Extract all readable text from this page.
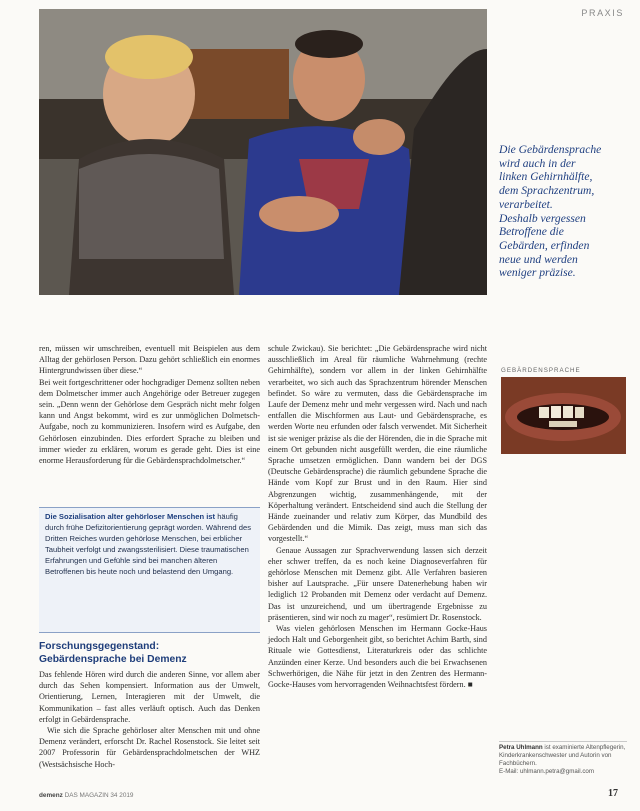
PRAXIS
Die Gebärdensprache
wird auch in der
linken Gehirnhälfte,
dem Sprachzentrum,
verarbeitet.
Deshalb vergessen
Betroffene die
Gebärden, erfinden
neue und werden
weniger präzise.

ren, müssen wir umschreiben, eventuell mit Beispielen aus dem Alltag der gehörlosen Person. Dazu gehört schließlich ein enormes Hintergrundwissen über diese.“

Bei weit fortgeschrittener oder hochgradiger Demenz sollten neben dem Dolmetscher immer auch Angehörige oder Betreuer zugegen sein. „Denn wenn der Gehörlose dem Gespräch nicht mehr folgen kann und Angst bekommt, wird es zur unmöglichen Dolmetsch-Aufgabe, noch zu kommunizieren. Insofern wird es Aufgabe, den Gehörlosen einzubinden. Dies erfordert Sprache zu bleiben und immer wieder zu erklären, worum es gerade geht. Dies ist eine enorme Herausforderung für die Gebärdensprachdolmetscher.“

Die Sozialisation alter gehörloser Menschen ist häufig durch frühe Defizitorientierung geprägt worden. Während des Dritten Reiches wurden gehörlose Menschen, bei erblicher Taubheit verfolgt und zwangssterilisiert. Diese traumatischen Erfahrungen und Gefühle sind bei manchen älteren Betroffenen bis heute noch und belastend den Umgang.
Forschungsgegenstand:
Gebärdensprache bei Demenz

Das fehlende Hören wird durch die anderen Sinne, vor allem aber durch das Sehen kompensiert. Information aus der Umwelt, Orientierung, Lernen, Interagieren mit der Umwelt, die Kommunikation – fast alles verläuft optisch. Auch das Denken erfolgt in Gebärdensprache.

Wie sich die Sprache gehörloser alter Menschen mit und ohne Demenz verändert, erforscht Dr. Rachel Rosenstock. Sie leitet seit 2007 Professorin für Gebärdensprachdolmetschen der WHZ (Westsächsische Hoch-

schule Zwickau). Sie berichtet: „Die Gebärdensprache wird nicht ausschließlich im Areal für räumliche Wahrnehmung (rechte Gehirnhälfte), sondern vor allem in der linken Gehirnhälfte verarbeitet, wo sich auch das Sprachzentrum hörender Menschen befindet. So wäre zu vermuten, dass die Gebärdensprache im Laufe der Demenz mehr und mehr vergessen wird. Nach und nach entfallen die Mischformen aus Laut- und Gebärdensprache, es werden Worte neu erfunden oder falsch verwendet. Mit Sicherheit ist sie weniger präzise als die der Hörenden, die in die Sprache mit einem Ort gebunden nicht ausgefüllt werden, die eine räumliche Sprache umsetzen ermöglichen. Dann wandern bei der DGS (Deutsche Gebärdensprache) die räumlich gebundene Sprache die Hände vom Kopf zur Brust und in den Raum. Hier sind Abgrenzungen wichtig, zusammenhängende, mit der Köperhaltung verändert. Entscheidend sind auch die Stellung der Hände zueinander und relativ zum Körper, das Mundbild des Gebärdenden und die Mimik. Das zeigt, muss man sich das vorgestellt.“

Genaue Aussagen zur Sprachverwendung lassen sich derzeit eher schwer treffen, da es noch keine Diagnoseverfahren für gehörlose Menschen mit Demenz gibt. Alle Verfahren basieren bisher auf Lautsprache. „Für unsere Datenerhebung haben wir lediglich 12 Probanden mit Demenz oder verdacht auf Demenz. Das ist unzureichend, und um übertragende Ergebnisse zu präsentieren, sind wir noch zu mager“, resümiert Dr. Rosenstock.

Was vielen gehörlosen Menschen im Hermann Gocke-Haus jedoch Halt und Geborgenheit gibt, so berichtet Achim Barth, sind Rituale wie Gottesdienst, Literaturkreis oder das schlichte Anzünden einer Kerze. Und besonders auch die bei Erwachsenen Schwerhörigen, die Nähe für jetzt in den Zentren des Hermann-Gocke-Hauses vom hervorragenden Weihnachtsfest fördern. ■

GEBÄRDENSPRACHE
Petra Uhlmann ist examinierte Altenpflegerin, Kinderkrankenschwester und Autorin von Fachbüchern.
E-Mail: uhlmann.petra@gmail.com
demenz DAS MAGAZIN 34 2019	17
